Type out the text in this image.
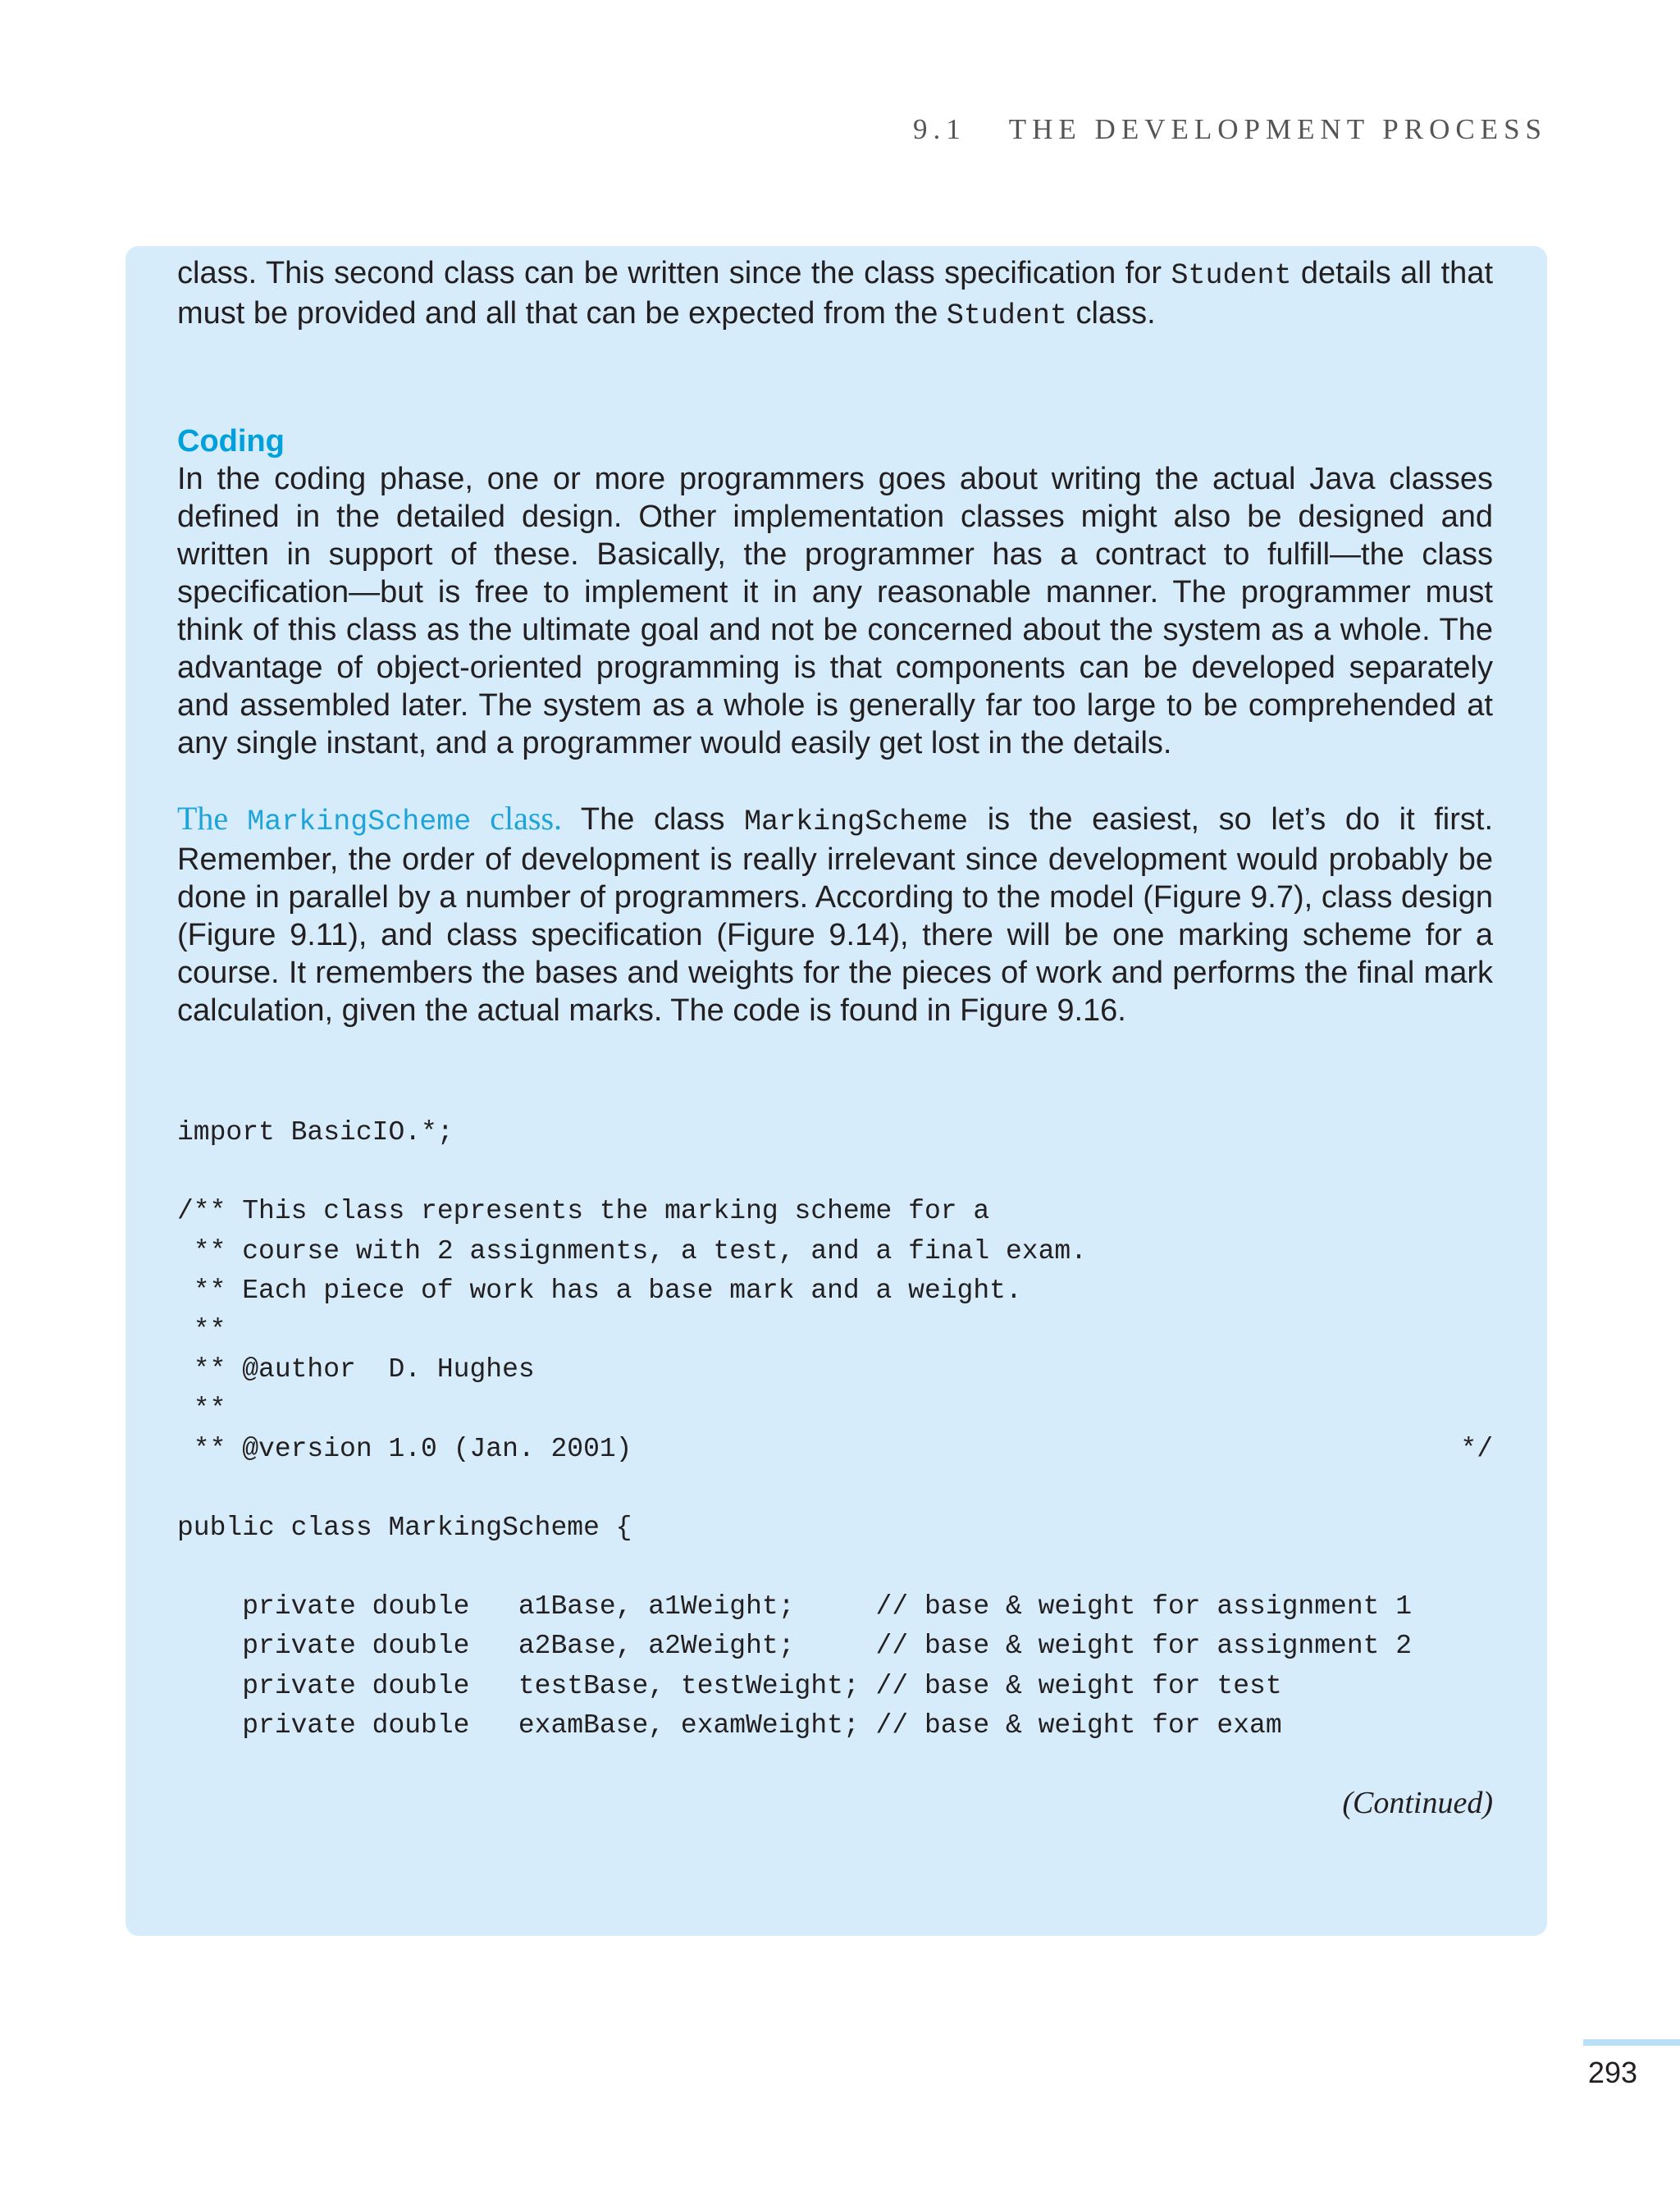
9.1 THE DEVELOPMENT PROCESS

class. This second class can be written since the class specification for Student details all that must be provided and all that can be expected from the Student class.

Coding

In the coding phase, one or more programmers goes about writing the actual Java classes defined in the detailed design. Other implementation classes might also be designed and written in support of these. Basically, the programmer has a contract to fulfill—the class specification—but is free to implement it in any reasonable manner. The programmer must think of this class as the ultimate goal and not be concerned about the system as a whole. The advantage of object-oriented programming is that components can be developed separately and assembled later. The system as a whole is generally far too large to be comprehended at any single instant, and a programmer would easily get lost in the details.

The MarkingScheme class. The class MarkingScheme is the easiest, so let’s do it first. Remember, the order of development is really irrelevant since development would probably be done in parallel by a number of programmers. According to the model (Figure 9.7), class design (Figure 9.11), and class specification (Figure 9.14), there will be one marking scheme for a course. It remembers the bases and weights for the pieces of work and performs the final mark calculation, given the actual marks. The code is found in Figure 9.16.

import BasicIO.*;
/** This class represents the marking scheme for a
** course with 2 assignments, a test, and a final exam.
** Each piece of work has a base mark and a weight.
**
** @author  D. Hughes
**
** @version 1.0 (Jan. 2001)	*/
public class MarkingScheme {
private double   a1Base, a1Weight;     // base & weight for assignment 1
private double   a2Base, a2Weight;     // base & weight for assignment 2
private double   testBase, testWeight; // base & weight for test
private double   examBase, examWeight; // base & weight for exam

(Continued)

293
